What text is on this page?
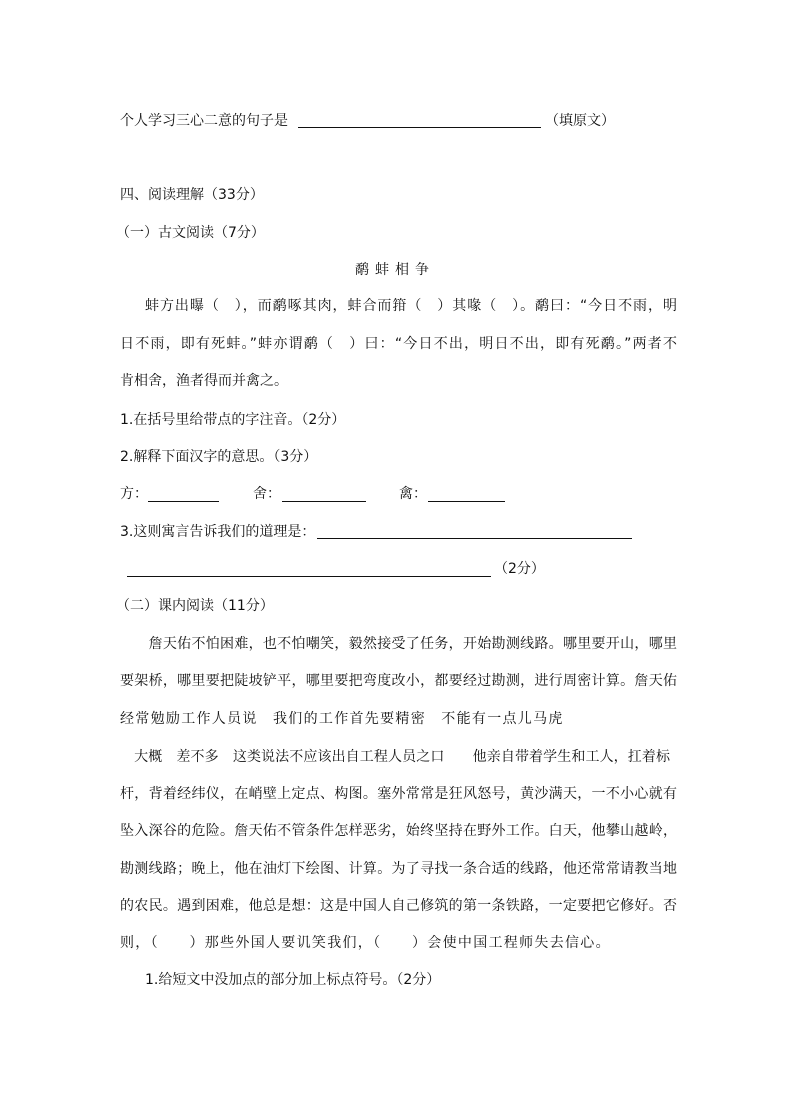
个人学习三心二意的句子是	（填原文）
四、阅读理解（33分）
（一）古文阅读（7分）
鹬蚌相争
蚌方出曝（　），而鹬啄其肉，蚌合而箝（　）其喙（　）。鹬曰：“今日不雨，明
日不雨，即有死蚌。”蚌亦谓鹬（　）曰：“今日不出，明日不出，即有死鹬。”两者不
肯相舍，渔者得而并禽之。
1.在括号里给带点的字注音。（2分）
2.解释下面汉字的意思。（3分）
方：	舍：	禽：
3.这则寓言告诉我们的道理是：
（2分）
（二）课内阅读（11分）
　　詹天佑不怕困难，也不怕嘲笑，毅然接受了任务，开始勘测线路。哪里要开山，哪里
要架桥，哪里要把陡坡铲平，哪里要把弯度改小，都要经过勘测，进行周密计算。詹天佑
经常勉励工作人员说　我们的工作首先要精密　不能有一点儿马虎
　大概　差不多　这类说法不应该出自工程人员之口　　他亲自带着学生和工人，扛着标
杆，背着经纬仪，在峭壁上定点、构图。塞外常常是狂风怒号，黄沙满天，一不小心就有
坠入深谷的危险。詹天佑不管条件怎样恶劣，始终坚持在野外工作。白天，他攀山越岭，
勘测线路；晚上，他在油灯下绘图、计算。为了寻找一条合适的线路，他还常常请教当地
的农民。遇到困难，他总是想：这是中国人自己修筑的第一条铁路，一定要把它修好。否
则，（　　）那些外国人要讥笑我们，（　　）会使中国工程师失去信心。
1.给短文中没加点的部分加上标点符号。（2分）
